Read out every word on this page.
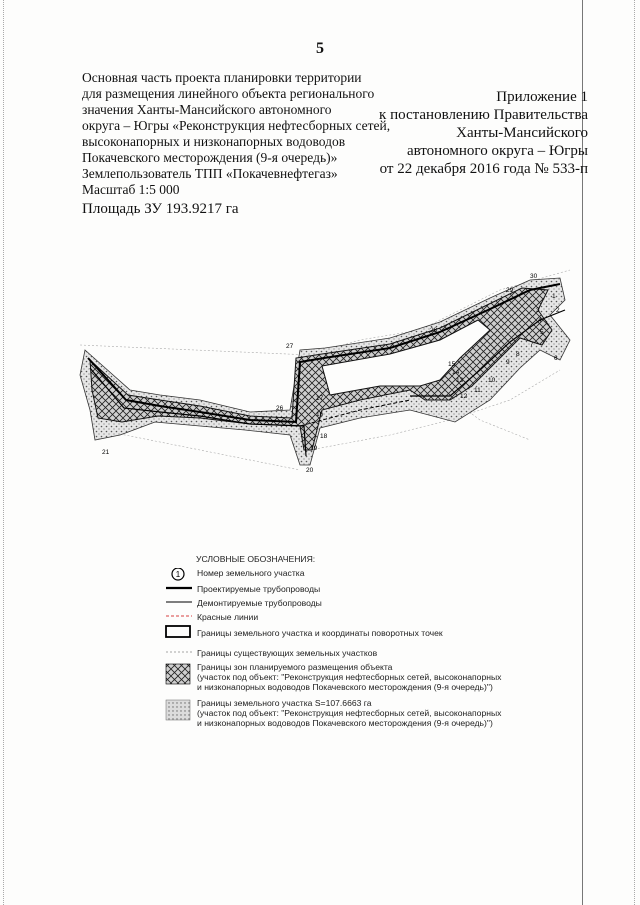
5
Приложение 1
к постановлению Правительства
Ханты-Мансийского
автономного округа – Югры
от 22 декабря 2016 года № 533-п
Основная часть проекта планировки территории
для размещения линейного объекта регионального
значения Ханты-Мансийского автономного
округа – Югры «Реконструкция нефтесборных сетей,
высоконапорных и низконапорных водоводов
Покачевского месторождения (9-я очередь)»
Землепользователь ТПП «Покачевнефтегаз»
Масштаб 1:5 000
Площадь ЗУ 193.9217 га
1
2
3
4
5
6
7
8
9
10
11
12
13
14
15
16
17
18
19
20
21
26
27
28
29
30
УСЛОВНЫЕ ОБОЗНАЧЕНИЯ:
1 Номер земельного участка
Проектируемые трубопроводы
Демонтируемые трубопроводы
Красные линии
Границы земельного участка и координаты поворотных точек
Границы существующих земельных участков
Границы зон планируемого размещения объекта
(участок под объект: "Реконструкция нефтесборных сетей, высоконапорных
и низконапорных водоводов Покачевского месторождения (9-я очередь)")
Границы земельного участка S=107.6663 га
(участок под объект: "Реконструкция нефтесборных сетей, высоконапорных
и низконапорных водоводов Покачевского месторождения (9-я очередь)")
